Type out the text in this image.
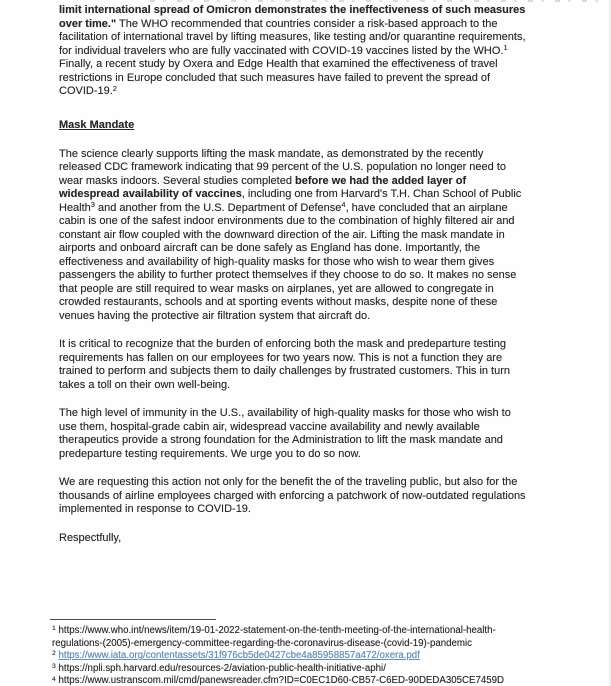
limit international spread of Omicron demonstrates the ineffectiveness of such measures
over time." The WHO recommended that countries consider a risk-based approach to the
facilitation of international travel by lifting measures, like testing and/or quarantine requirements,
for individual travelers who are fully vaccinated with COVID-19 vaccines listed by the WHO.$^1$
Finally, a recent study by Oxera and Edge Health that examined the effectiveness of travel
restrictions in Europe concluded that such measures have failed to prevent the spread of
COVID-19.$^2$
Mask Mandate
The science clearly supports lifting the mask mandate, as demonstrated by the recently
released CDC framework indicating that 99 percent of the U.S. population no longer need to
wear masks indoors. Several studies completed before we had the added layer of
widespread availability of vaccines, including one from Harvard's T.H. Chan School of Public
Health$^3$ and another from the U.S. Department of Defense$^4$, have concluded that an airplane
cabin is one of the safest indoor environments due to the combination of highly filtered air and
constant air flow coupled with the downward direction of the air. Lifting the mask mandate in
airports and onboard aircraft can be done safely as England has done. Importantly, the
effectiveness and availability of high-quality masks for those who wish to wear them gives
passengers the ability to further protect themselves if they choose to do so. It makes no sense
that people are still required to wear masks on airplanes, yet are allowed to congregate in
crowded restaurants, schools and at sporting events without masks, despite none of these
venues having the protective air filtration system that aircraft do.
It is critical to recognize that the burden of enforcing both the mask and predeparture testing
requirements has fallen on our employees for two years now. This is not a function they are
trained to perform and subjects them to daily challenges by frustrated customers. This in turn
takes a toll on their own well-being.
The high level of immunity in the U.S., availability of high-quality masks for those who wish to
use them, hospital-grade cabin air, widespread vaccine availability and newly available
therapeutics provide a strong foundation for the Administration to lift the mask mandate and
predeparture testing requirements. We urge you to do so now.
We are requesting this action not only for the benefit the of the traveling public, but also for the
thousands of airline employees charged with enforcing a patchwork of now-outdated regulations
implemented in response to COVID-19.
Respectfully,
$^1$ https://www.who.int/news/item/19-01-2022-statement-on-the-tenth-meeting-of-the-international-health-
regulations-(2005)-emergency-committee-regarding-the-coronavirus-disease-(covid-19)-pandemic
$^2$ https://www.iata.org/contentassets/31f976cb5de0427cbe4a85958857a472/oxera.pdf
$^3$ https://npli.sph.harvard.edu/resources-2/aviation-public-health-initiative-aphi/
$^4$ https://www.ustranscom.mil/cmd/panewsreader.cfm?ID=C0EC1D60-CB57-C6ED-90DEDA305CE7459D
